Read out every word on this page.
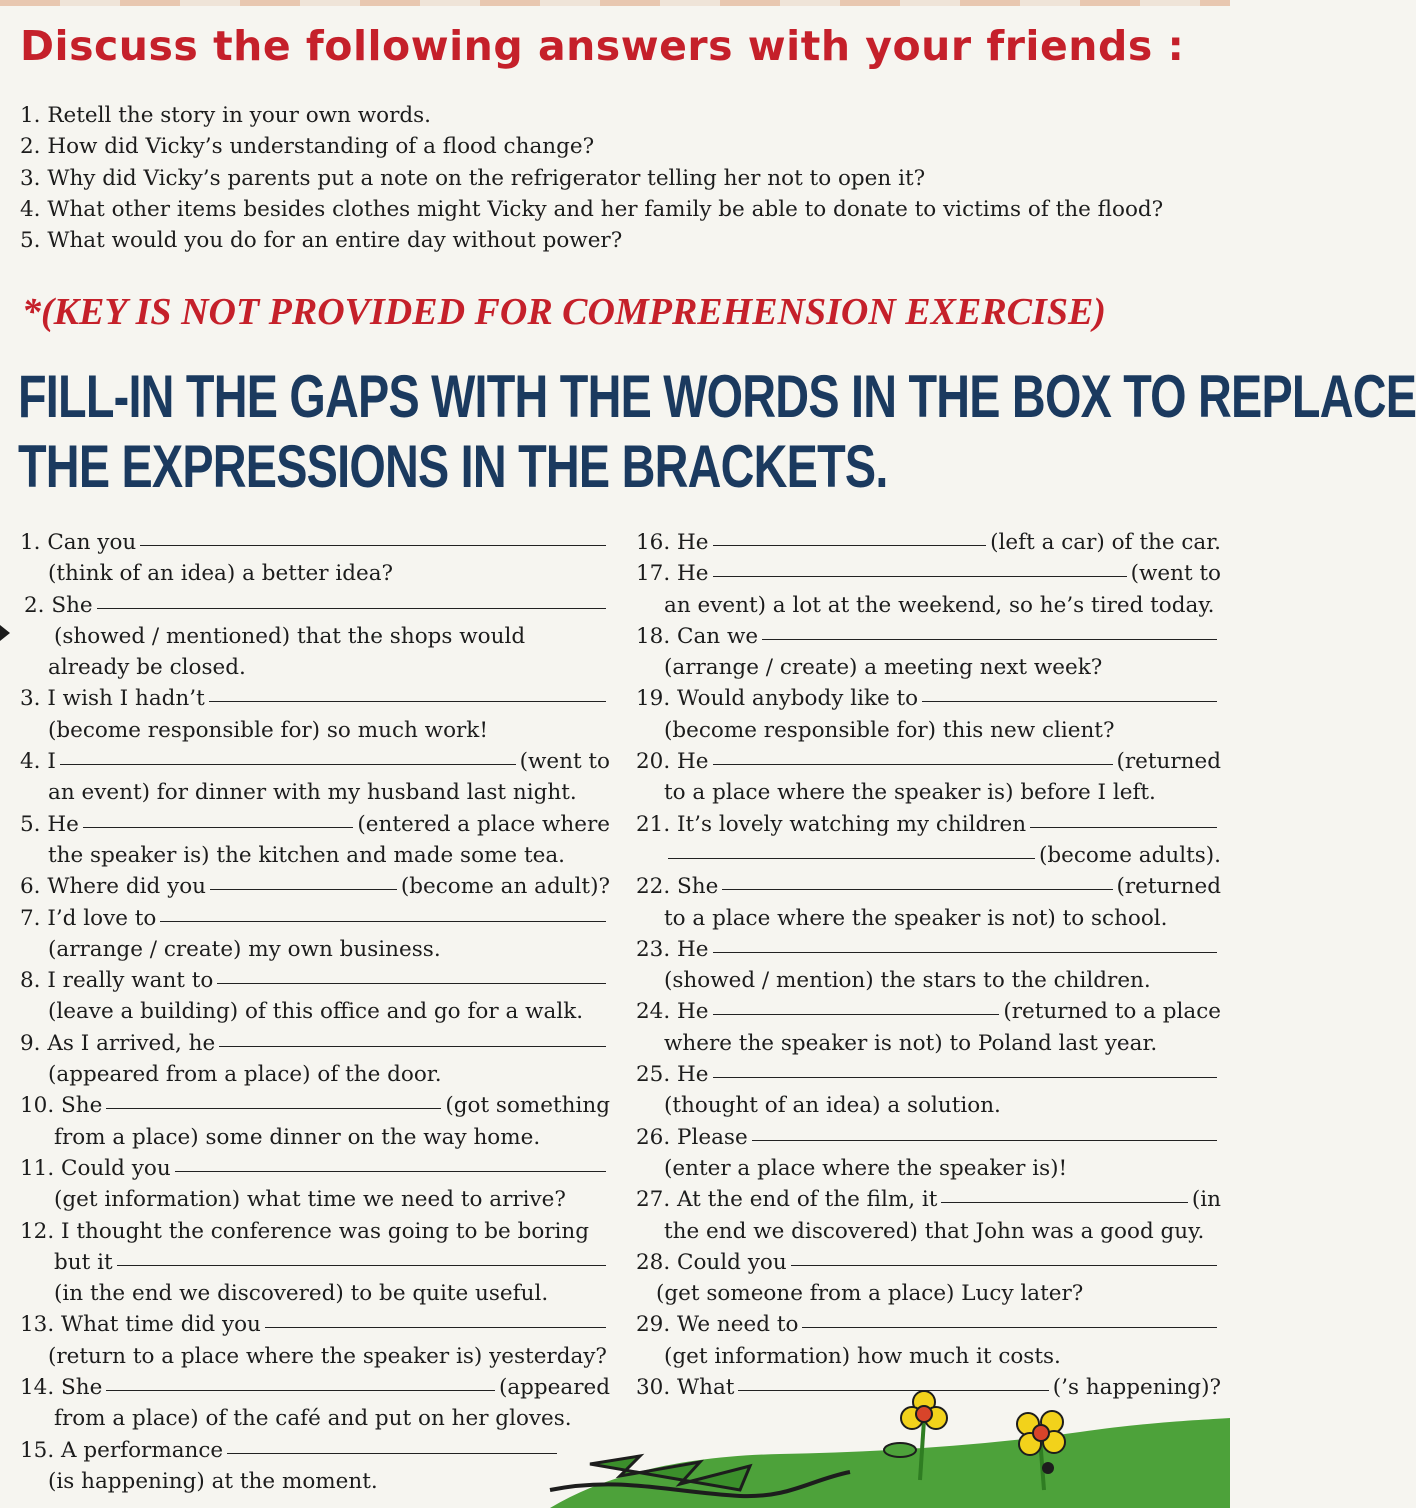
Discuss the following answers with your friends :
1. Retell the story in your own words.
2. How did Vicky’s understanding of a flood change?
3. Why did Vicky’s parents put a note on the refrigerator telling her not to open it?
4. What other items besides clothes might Vicky and her family be able to donate to victims of the flood?
5. What would you do for an entire day without power?
*(KEY IS NOT PROVIDED FOR COMPREHENSION EXERCISE)
FILL-IN THE GAPS WITH THE WORDS IN THE BOX TO REPLACE
THE EXPRESSIONS IN THE BRACKETS.
1. Can you
(think of an idea) a better idea?
2. She
(showed / mentioned) that the shops would
already be closed.
3. I wish I hadn’t
(become responsible for) so much work!
4. I	(went to
an event) for dinner with my husband last night.
5. He	(entered a place where
the speaker is) the kitchen and made some tea.
6. Where did you	(become an adult)?
7. I’d love to
(arrange / create) my own business.
8. I really want to
(leave a building) of this office and go for a walk.
9. As I arrived, he
(appeared from a place) of the door.
10. She	(got something
from a place) some dinner on the way home.
11. Could you
(get information) what time we need to arrive?
12. I thought the conference was going to be boring
but it
(in the end we discovered) to be quite useful.
13. What time did you
(return to a place where the speaker is) yesterday?
14. She	(appeared
from a place) of the café and put on her gloves.
15. A performance
(is happening) at the moment.
16. He	(left a car) of the car.
17. He	(went to
an event) a lot at the weekend, so he’s tired today.
18. Can we
(arrange / create) a meeting next week?
19. Would anybody like to
(become responsible for) this new client?
20. He	(returned
to a place where the speaker is) before I left.
21. It’s lovely watching my children
(become adults).
22. She	(returned
to a place where the speaker is not) to school.
23. He
(showed / mention) the stars to the children.
24. He	(returned to a place
where the speaker is not) to Poland last year.
25. He
(thought of an idea) a solution.
26. Please
(enter a place where the speaker is)!
27. At the end of the film, it	(in
the end we discovered) that John was a good guy.
28. Could you
(get someone from a place) Lucy later?
29. We need to
(get information) how much it costs.
30. What	(’s happening)?
